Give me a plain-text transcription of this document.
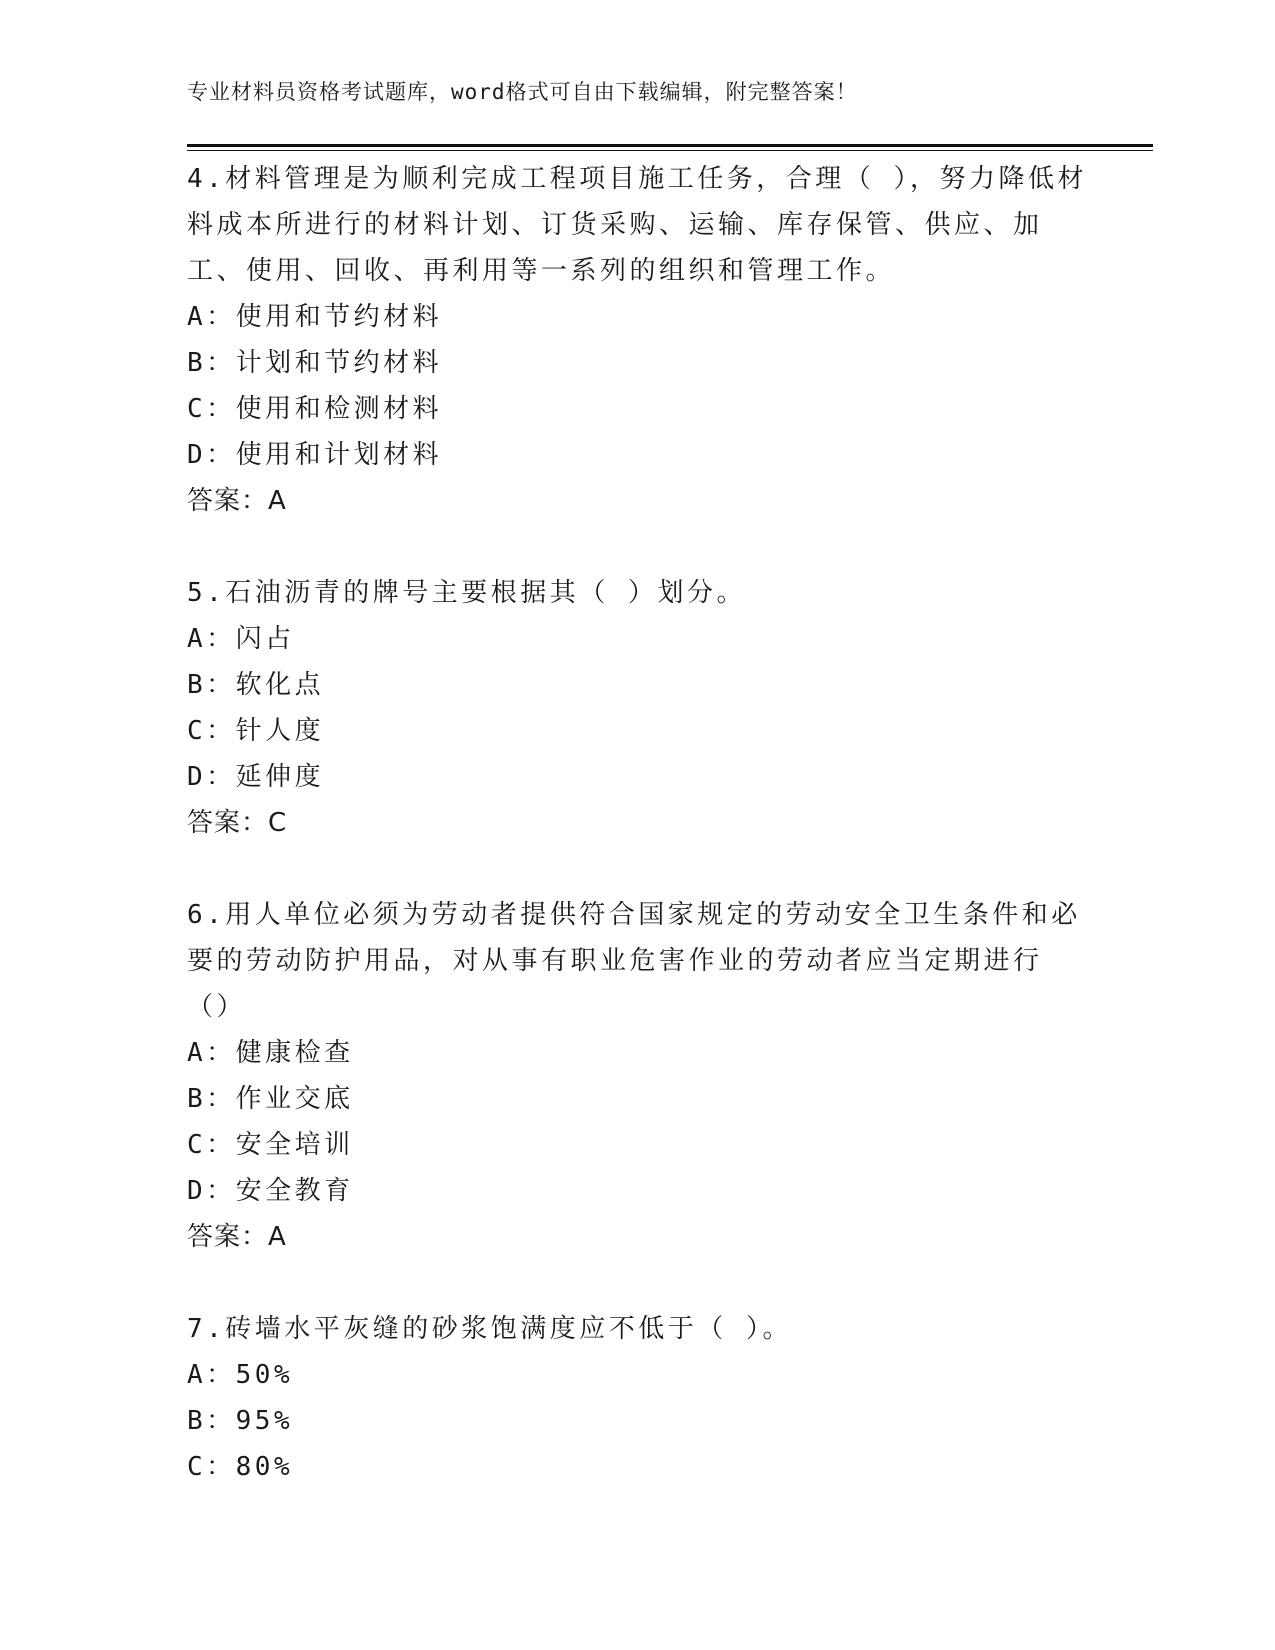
专业材料员资格考试题库，word格式可自由下载编辑，附完整答案！

4.材料管理是为顺利完成工程项目施工任务，合理（ ），努力降低材料成本所进行的材料计划、订货采购、运输、库存保管、供应、加工、使用、回收、再利用等一系列的组织和管理工作。

A：使用和节约材料
B：计划和节约材料
C：使用和检测材料
D：使用和计划材料
答案：A

5.石油沥青的牌号主要根据其（ ）划分。

A：闪占
B：软化点
C：针人度
D：延伸度
答案：C

6.用人单位必须为劳动者提供符合国家规定的劳动安全卫生条件和必要的劳动防护用品，对从事有职业危害作业的劳动者应当定期进行（）

A：健康检查
B：作业交底
C：安全培训
D：安全教育
答案：A

7.砖墙水平灰缝的砂浆饱满度应不低于（ ）。

A：50%
B：95%
C：80%
